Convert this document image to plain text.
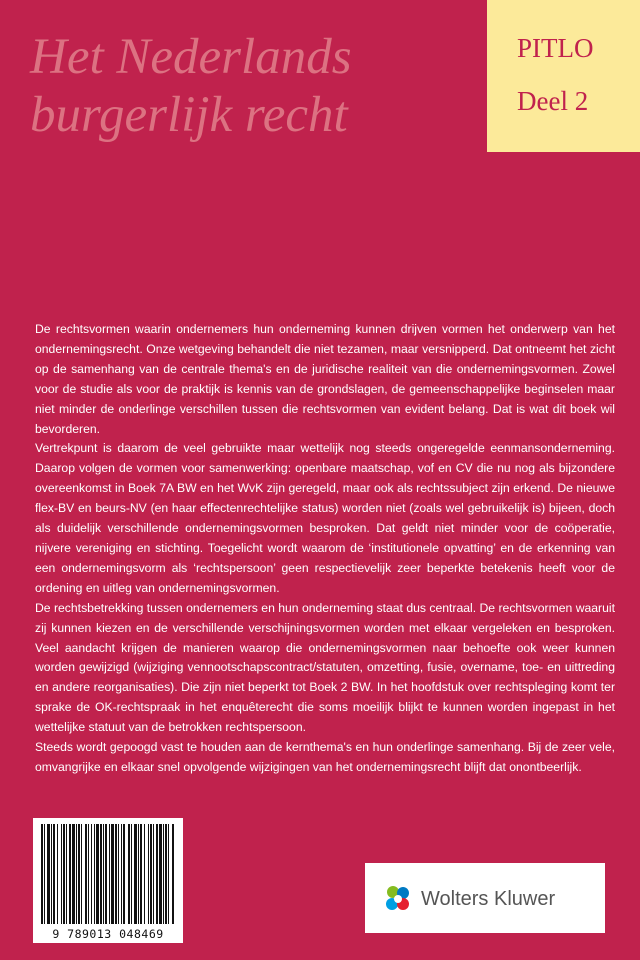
Het Nederlands
burgerlijk recht
PITLO
Deel 2

De rechtsvormen waarin ondernemers hun onderneming kunnen drijven vormen het onderwerp van het ondernemingsrecht. Onze wetgeving behandelt die niet tezamen, maar versnipperd. Dat ontneemt het zicht op de samenhang van de centrale thema's en de juridische realiteit van die ondernemingsvormen. Zowel voor de studie als voor de praktijk is kennis van de grondslagen, de gemeenschappelijke beginselen maar niet minder de onderlinge verschillen tussen die rechtsvormen van evident belang. Dat is wat dit boek wil bevorderen.

Vertrekpunt is daarom de veel gebruikte maar wettelijk nog steeds ongeregelde eenmansonderneming. Daarop volgen de vormen voor samenwerking: openbare maatschap, vof en CV die nu nog als bijzondere overeenkomst in Boek 7A BW en het WvK zijn geregeld, maar ook als rechtssubject zijn erkend. De nieuwe flex-BV en beurs-NV (en haar effectenrechtelijke status) worden niet (zoals wel gebruikelijk is) bijeen, doch als duidelijk verschillende ondernemingsvormen besproken. Dat geldt niet minder voor de coöperatie, nijvere vereniging en stichting. Toegelicht wordt waarom de ‘institutionele opvatting’ en de erkenning van een ondernemingsvorm als ‘rechtspersoon’ geen respectievelijk zeer beperkte betekenis heeft voor de ordening en uitleg van ondernemingsvormen.

De rechtsbetrekking tussen ondernemers en hun onderneming staat dus centraal. De rechtsvormen waaruit zij kunnen kiezen en de verschillende verschijningsvormen worden met elkaar vergeleken en besproken. Veel aandacht krijgen de manieren waarop die ondernemingsvormen naar behoefte ook weer kunnen worden gewijzigd (wijziging vennootschapscontract/statuten, omzetting, fusie, overname, toe- en uittreding en andere reorganisaties). Die zijn niet beperkt tot Boek 2 BW. In het hoofdstuk over rechtspleging komt ter sprake de OK-rechtspraak in het enquêterecht die soms moeilijk blijkt te kunnen worden ingepast in het wettelijke statuut van de betrokken rechtspersoon.

Steeds wordt gepoogd vast te houden aan de kernthema's en hun onderlinge samenhang. Bij de zeer vele, omvangrijke en elkaar snel opvolgende wijzigingen van het ondernemingsrecht blijft dat onontbeerlijk.

9 789013 048469
Wolters Kluwer
